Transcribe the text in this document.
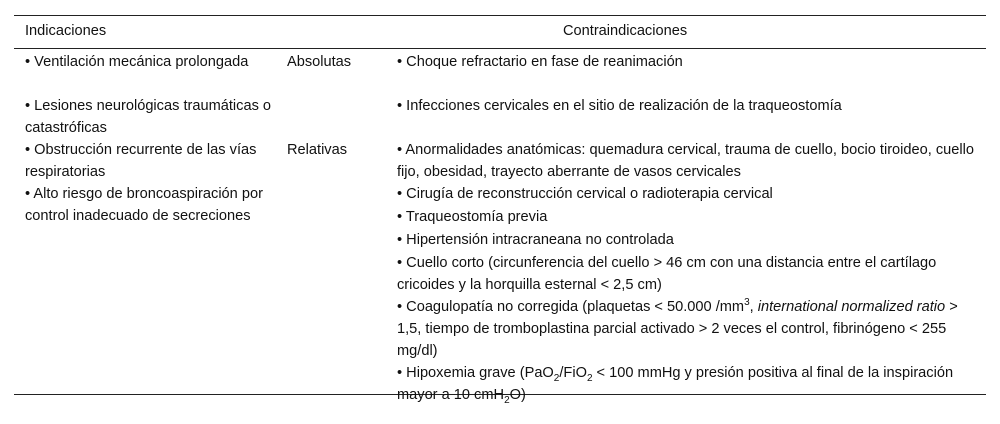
Indicaciones	Contraindicaciones
• Ventilación mecánica prolongada
• Lesiones neurológicas traumáticas o catastróficas
• Obstrucción recurrente de las vías respiratorias
• Alto riesgo de broncoaspiración por control inadecuado de secreciones
Absolutas
Relativas
• Choque refractario en fase de reanimación
• Infecciones cervicales en el sitio de realización de la traqueostomía
• Anormalidades anatómicas: quemadura cervical, trauma de cuello, bocio tiroideo, cuello fijo, obesidad, trayecto aberrante de vasos cervicales
• Cirugía de reconstrucción cervical o radioterapia cervical
• Traqueostomía previa
• Hipertensión intracraneana no controlada
• Cuello corto (circunferencia del cuello > 46 cm con una distancia entre el cartílago cricoides y la horquilla esternal < 2,5 cm)
• Coagulopatía no corregida (plaquetas < 50.000 $/mm^3$, international normalized ratio > 1,5, tiempo de tromboplastina parcial activado > 2 veces el control, fibrinógeno < 255 mg/dl)
• Hipoxemia grave (PaO$_2$/FiO$_2$ < 100 mmHg y presión positiva al final de la inspiración mayor a 10 cmH$_2$O)
